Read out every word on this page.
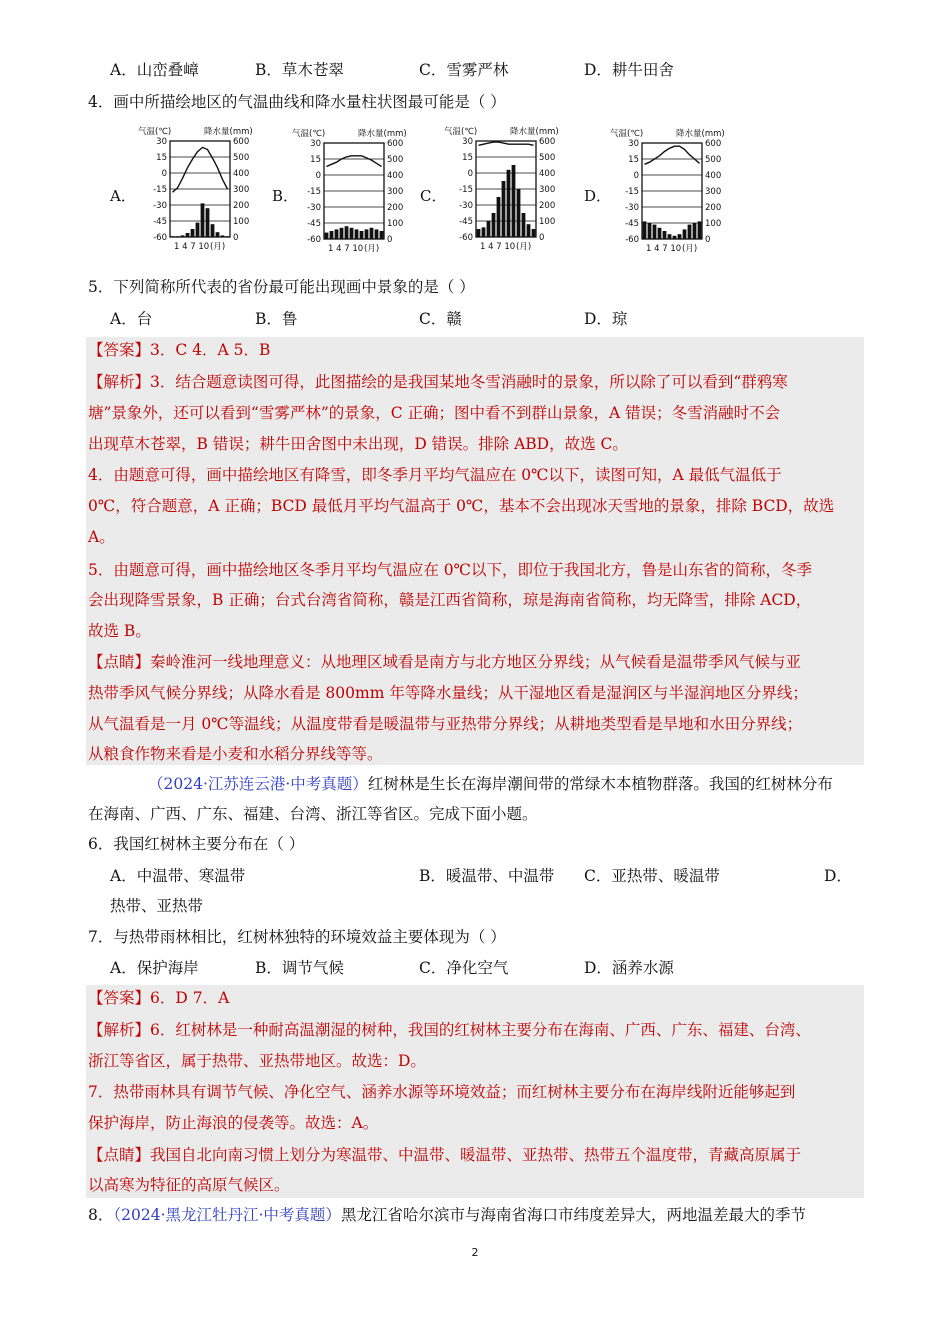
A．山峦叠嶂	B．草木苍翠	C．雪雾严林	D．耕牛田舍
4．画中所描绘地区的气温曲线和降水量柱状图最可能是（ ）
A．	B．	C．	D．
气温(℃)	降水量(mm)
30
15
0
-15
-30
-45
-60
600
500
400
300
200
100
0
1 4 7 10 (月)
气温(℃)	降水量(mm)
30
15
0
-15
-30
-45
-60
600
500
400
300
200
100
0
1 4 7 10 (月)
气温(℃)	降水量(mm)
30
15
0
-15
-30
-45
-60
600
500
400
300
200
100
0
1 4 7 10 (月)
气温(℃)	降水量(mm)
30
15
0
-15
-30
-45
-60
600
500
400
300
200
100
0
1 4 7 10 (月)
5．下列简称所代表的省份最可能出现画中景象的是（ ）
A．台	B．鲁	C．赣	D．琼
【答案】3．C 4．A 5．B
【解析】3．结合题意读图可得，此图描绘的是我国某地冬雪消融时的景象，所以除了可以看到“群鸦寒
塘”景象外，还可以看到“雪雾严林”的景象，C 正确；图中看不到群山景象，A 错误；冬雪消融时不会
出现草木苍翠，B 错误；耕牛田舍图中未出现，D 错误。排除 ABD，故选 C。
4．由题意可得，画中描绘地区有降雪，即冬季月平均气温应在 0℃以下，读图可知，A 最低气温低于
0℃，符合题意，A 正确；BCD 最低月平均气温高于 0℃，基本不会出现冰天雪地的景象，排除 BCD，故选
A。
5．由题意可得，画中描绘地区冬季月平均气温应在 0℃以下，即位于我国北方，鲁是山东省的简称，冬季
会出现降雪景象，B 正确；台式台湾省简称，赣是江西省简称，琼是海南省简称，均无降雪，排除 ACD，
故选 B。
【点睛】秦岭淮河一线地理意义：从地理区域看是南方与北方地区分界线；从气候看是温带季风气候与亚
热带季风气候分界线；从降水看是 800mm 年等降水量线；从干湿地区看是湿润区与半湿润地区分界线；
从气温看是一月 0℃等温线；从温度带看是暖温带与亚热带分界线；从耕地类型看是旱地和水田分界线；
从粮食作物来看是小麦和水稻分界线等等。
（2024·江苏连云港·中考真题）红树林是生长在海岸潮间带的常绿木本植物群落。我国的红树林分布
在海南、广西、广东、福建、台湾、浙江等省区。完成下面小题。
6．我国红树林主要分布在（ ）
A．中温带、寒温带	B．暖温带、中温带 C．亚热带、暖温带	D．
热带、亚热带
7．与热带雨林相比，红树林独特的环境效益主要体现为（ ）
A．保护海岸	B．调节气候	C．净化空气	D．涵养水源
【答案】6．D 7．A
【解析】6．红树林是一种耐高温潮湿的树种，我国的红树林主要分布在海南、广西、广东、福建、台湾、
浙江等省区，属于热带、亚热带地区。故选：D。
7．热带雨林具有调节气候、净化空气、涵养水源等环境效益；而红树林主要分布在海岸线附近能够起到
保护海岸，防止海浪的侵袭等。故选：A。
【点睛】我国自北向南习惯上划分为寒温带、中温带、暖温带、亚热带、热带五个温度带，青藏高原属于
以高寒为特征的高原气候区。
8．（2024·黑龙江牡丹江·中考真题）黑龙江省哈尔滨市与海南省海口市纬度差异大，两地温差最大的季节
2
